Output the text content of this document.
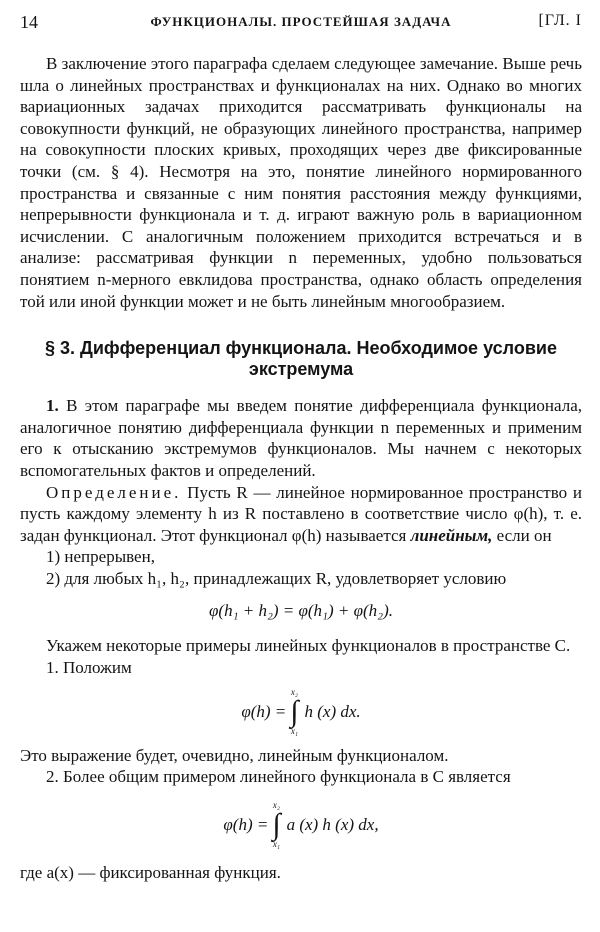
14	ФУНКЦИОНАЛЫ. ПРОСТЕЙШАЯ ЗАДАЧА	[ГЛ. I

В заключение этого параграфа сделаем следующее замечание. Выше речь шла о линейных пространствах и функционалах на них. Однако во многих вариационных задачах приходится рассматривать функционалы на совокупности функций, не образующих линейного пространства, например на совокупности плоских кривых, проходящих через две фиксированные точки (см. § 4). Несмотря на это, понятие линейного нормированного пространства и связанные с ним понятия расстояния между функциями, непрерывности функционала и т. д. играют важную роль в вариационном исчислении. С аналогичным положением приходится встречаться и в анализе: рассматривая функции n переменных, удобно пользоваться понятием n-мерного евклидова пространства, однако область определения той или иной функции может и не быть линейным многообразием.

§ 3. Дифференциал функционала. Необходимое условие
экстремума

1. В этом параграфе мы введем понятие дифференциала функционала, аналогичное понятию дифференциала функции n переменных и применим его к отысканию экстремумов функционалов. Мы начнем с некоторых вспомогательных фактов и определений.

Определение. Пусть R — линейное нормированное пространство и пусть каждому элементу h из R поставлено в соответствие число φ(h), т. е. задан функционал. Этот функционал φ(h) называется линейным, если он

1) непрерывен,

2) для любых h₁, h₂, принадлежащих R, удовлетворяет условию

φ(h₁ + h₂) = φ(h₁) + φ(h₂).

Укажем некоторые примеры линейных функционалов в пространстве C.

1. Положим

φ(h) =
x₂
∫
x₁
h (x) dx.

Это выражение будет, очевидно, линейным функционалом.

2. Более общим примером линейного функционала в C является

φ(h) =
x₂
∫
x₁
a (x) h (x) dx,

где a(x) — фиксированная функция.
